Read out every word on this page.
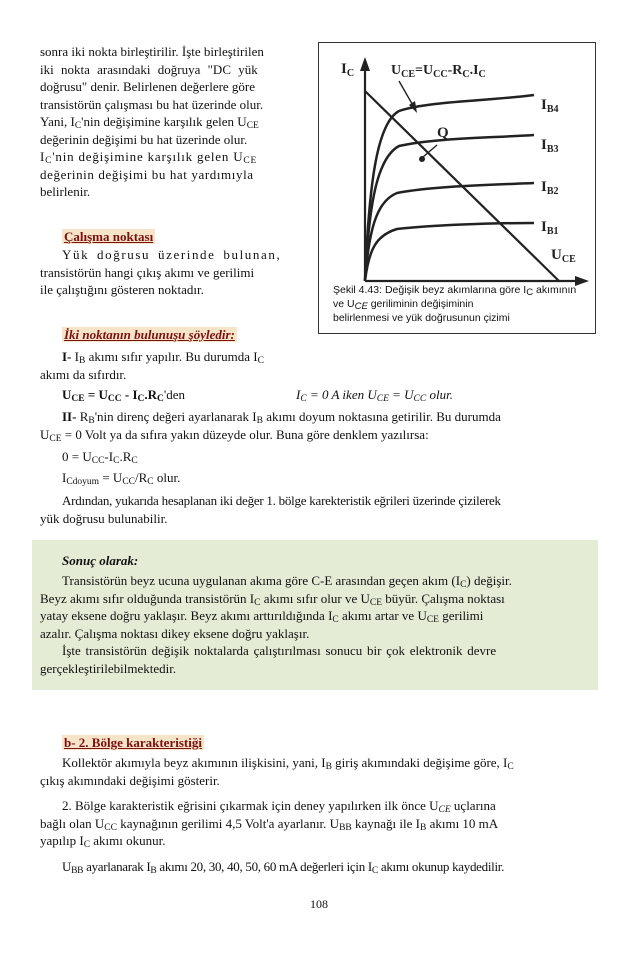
sonra iki nokta birleştirilir. İşte birleştirilen
iki nokta arasındaki doğruya "DC yük
doğrusu" denir. Belirlenen değerlere göre
transistörün çalışması bu hat üzerinde olur.
Yani, $I_C'nin$ değişimine karşılık gelen $U_{CE}$
değerinin değişimi bu hat üzerinde olur.
$I_C'nin$ değişimine karşılık gelen $U_{CE}$
değerinin değişimi bu hat yardımıyla
belirlenir.
Çalışma noktası
Yük doğrusu üzerinde bulunan,
transistörün hangi çıkış akımı ve gerilimi
ile çalıştığını gösteren noktadır.
$I_C$	$U_{CE}=U_{CC}-R_C.I_C$
Q
$I_{B4}$
$I_{B3}$
$I_{B2}$
$I_{B1}$
$U_{CE}$
Şekil 4.43: Değişik beyz akımlarına göre $I_C$ akımının ve $U_{CE}$ geriliminin değişiminin
belirlenmesi ve yük doğrusunun çizimi
İki noktanın bulunuşu şöyledir:
I- $I_B$ akımı sıfır yapılır. Bu durumda $I_C$
akımı da sıfırdır.
$U_{CE} = U_{CC} - I_C.R_C'den$	$I_C = 0$ A iken $U_{CE} = U_{CC}$ olur.
II- $R_B'nin$ direnç değeri ayarlanarak $I_B$ akımı doyum noktasına getirilir. Bu durumda
$U_{CE} = 0$ Volt ya da sıfıra yakın düzeyde olur. Buna göre denklem yazılırsa:
$0 = U_{CC}-I_C.R_C$
$I_{Cdoyum} = U_{CC}/R_C$ olur.
Ardından, yukarıda hesaplanan iki değer 1. bölge karekteristik eğrileri üzerinde çizilerek
yük doğrusu bulunabilir.
Sonuç olarak:
Transistörün beyz ucuna uygulanan akıma göre C-E arasından geçen akım $(I_C)$ değişir.
Beyz akımı sıfır olduğunda transistörün $I_C$ akımı sıfır olur ve $U_{CE}$ büyür. Çalışma noktası
yatay eksene doğru yaklaşır. Beyz akımı arttırıldığında $I_C$ akımı artar ve $U_{CE}$ gerilimi
azalır. Çalışma noktası dikey eksene doğru yaklaşır.
İşte transistörün değişik noktalarda çalıştırılması sonucu bir çok elektronik devre
gerçekleştirilebilmektedir.
b- 2. Bölge karakteristiği
Kollektör akımıyla beyz akımının ilişkisini, yani, $I_B$ giriş akımındaki değişime göre, $I_C$
çıkış akımındaki değişimi gösterir.
2. Bölge karakteristik eğrisini çıkarmak için deney yapılırken ilk önce $U_{CE}$ uçlarına
bağlı olan $U_{CC}$ kaynağının gerilimi 4,5 Volt'a ayarlanır. $U_{BB}$ kaynağı ile $I_B$ akımı 10 mA
yapılıp $I_C$ akımı okunur.
$U_{BB}$ ayarlanarak $I_B$ akımı 20, 30, 40, 50, 60 mA değerleri için $I_C$ akımı okunup kaydedilir.
108
